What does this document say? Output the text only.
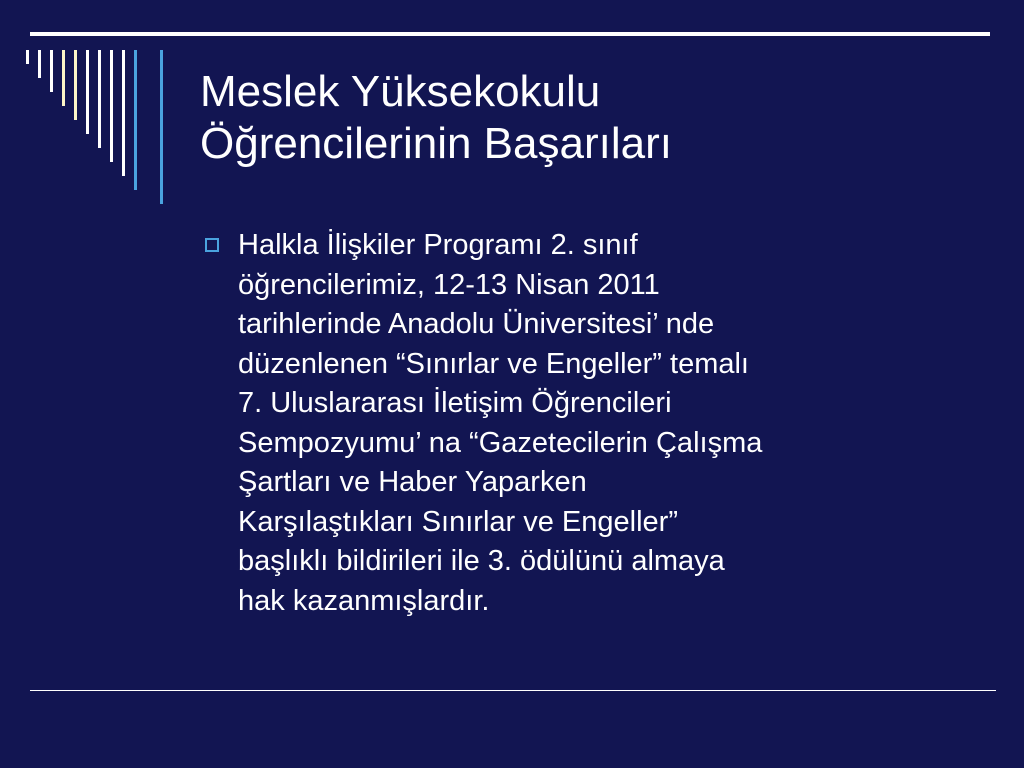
Meslek Yüksekokulu
Öğrencilerinin Başarıları
Halkla İlişkiler Programı 2. sınıf
öğrencilerimiz, 12-13 Nisan 2011
tarihlerinde Anadolu Üniversitesi’ nde
düzenlenen “Sınırlar ve Engeller” temalı
7. Uluslararası İletişim Öğrencileri
Sempozyumu’ na “Gazetecilerin Çalışma
Şartları ve Haber Yaparken
Karşılaştıkları Sınırlar ve Engeller”
başlıklı bildirileri ile 3. ödülünü almaya
hak kazanmışlardır.
